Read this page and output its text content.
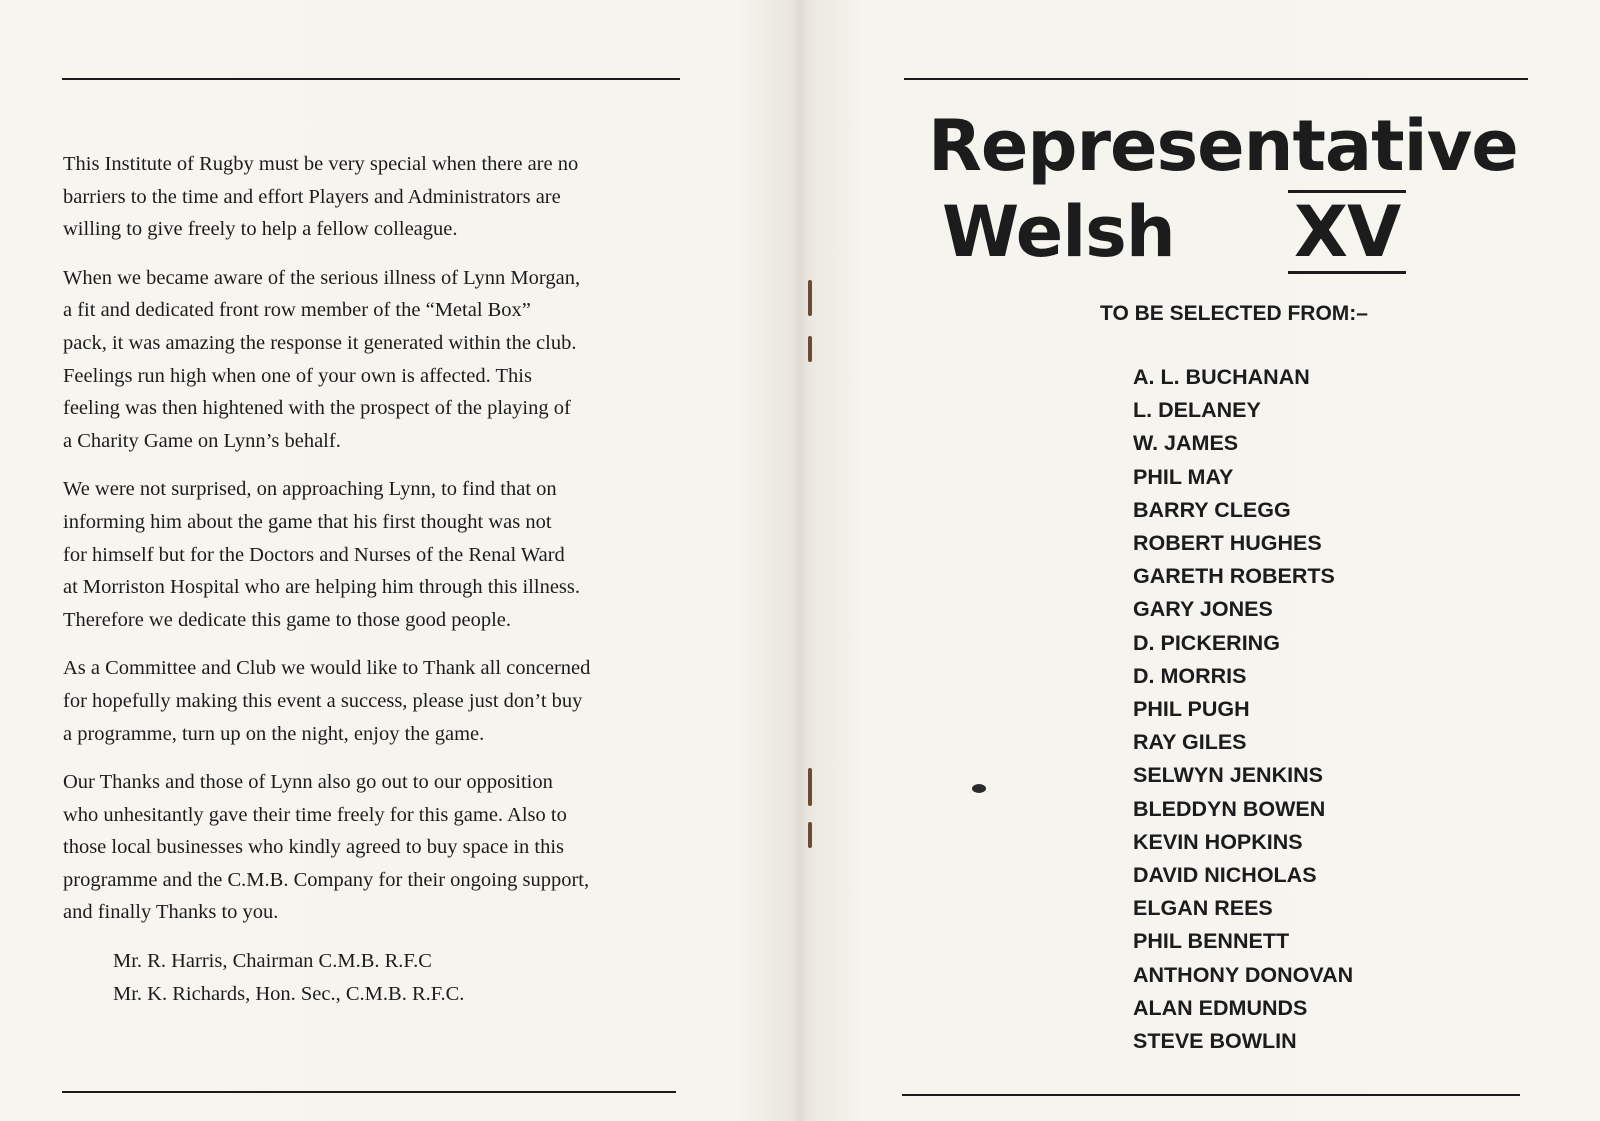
This Institute of Rugby must be very special when there are no
barriers to the time and effort Players and Administrators are
willing to give freely to help a fellow colleague.

When we became aware of the serious illness of Lynn Morgan,
a fit and dedicated front row member of the “Metal Box”
pack, it was amazing the response it generated within the club.
Feelings run high when one of your own is affected. This
feeling was then hightened with the prospect of the playing of
a Charity Game on Lynn’s behalf.

We were not surprised, on approaching Lynn, to find that on
informing him about the game that his first thought was not
for himself but for the Doctors and Nurses of the Renal Ward
at Morriston Hospital who are helping him through this illness.
Therefore we dedicate this game to those good people.

As a Committee and Club we would like to Thank all concerned
for hopefully making this event a success, please just don’t buy
a programme, turn up on the night, enjoy the game.

Our Thanks and those of Lynn also go out to our opposition
who unhesitantly gave their time freely for this game. Also to
those local businesses who kindly agreed to buy space in this
programme and the C.M.B. Company for their ongoing support,
and finally Thanks to you.

Mr. R. Harris, Chairman C.M.B. R.F.C
Mr. K. Richards, Hon. Sec., C.M.B. R.F.C.
Representative
Welsh XV
TO BE SELECTED FROM:–
A. L. BUCHANAN
L. DELANEY
W. JAMES
PHIL MAY
BARRY CLEGG
ROBERT HUGHES
GARETH ROBERTS
GARY JONES
D. PICKERING
D. MORRIS
PHIL PUGH
RAY GILES
SELWYN JENKINS
BLEDDYN BOWEN
KEVIN HOPKINS
DAVID NICHOLAS
ELGAN REES
PHIL BENNETT
ANTHONY DONOVAN
ALAN EDMUNDS
STEVE BOWLIN
